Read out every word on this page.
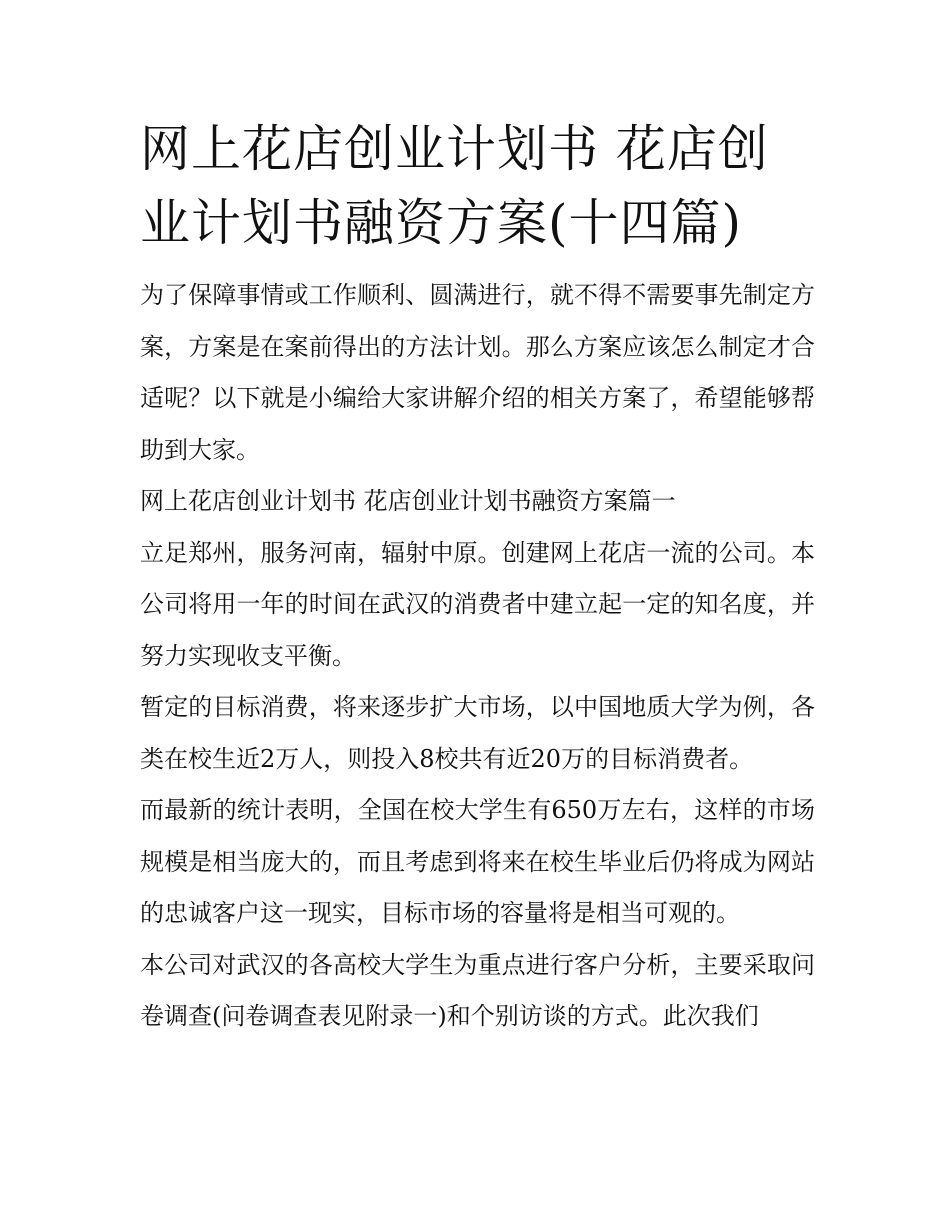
网上花店创业计划书 花店创业计划书融资方案(十四篇)

为了保障事情或工作顺利、圆满进行，就不得不需要事先制定方案，方案是在案前得出的方法计划。那么方案应该怎么制定才合适呢？以下就是小编给大家讲解介绍的相关方案了，希望能够帮助到大家。

网上花店创业计划书 花店创业计划书融资方案篇一

立足郑州，服务河南，辐射中原。创建网上花店一流的公司。本公司将用一年的时间在武汉的消费者中建立起一定的知名度，并努力实现收支平衡。

暂定的目标消费，将来逐步扩大市场，以中国地质大学为例，各类在校生近2万人，则投入8校共有近20万的目标消费者。

而最新的统计表明，全国在校大学生有650万左右，这样的市场规模是相当庞大的，而且考虑到将来在校生毕业后仍将成为网站的忠诚客户这一现实，目标市场的容量将是相当可观的。

本公司对武汉的各高校大学生为重点进行客户分析，主要采取问卷调查(问卷调查表见附录一)和个别访谈的方式。此次我们
